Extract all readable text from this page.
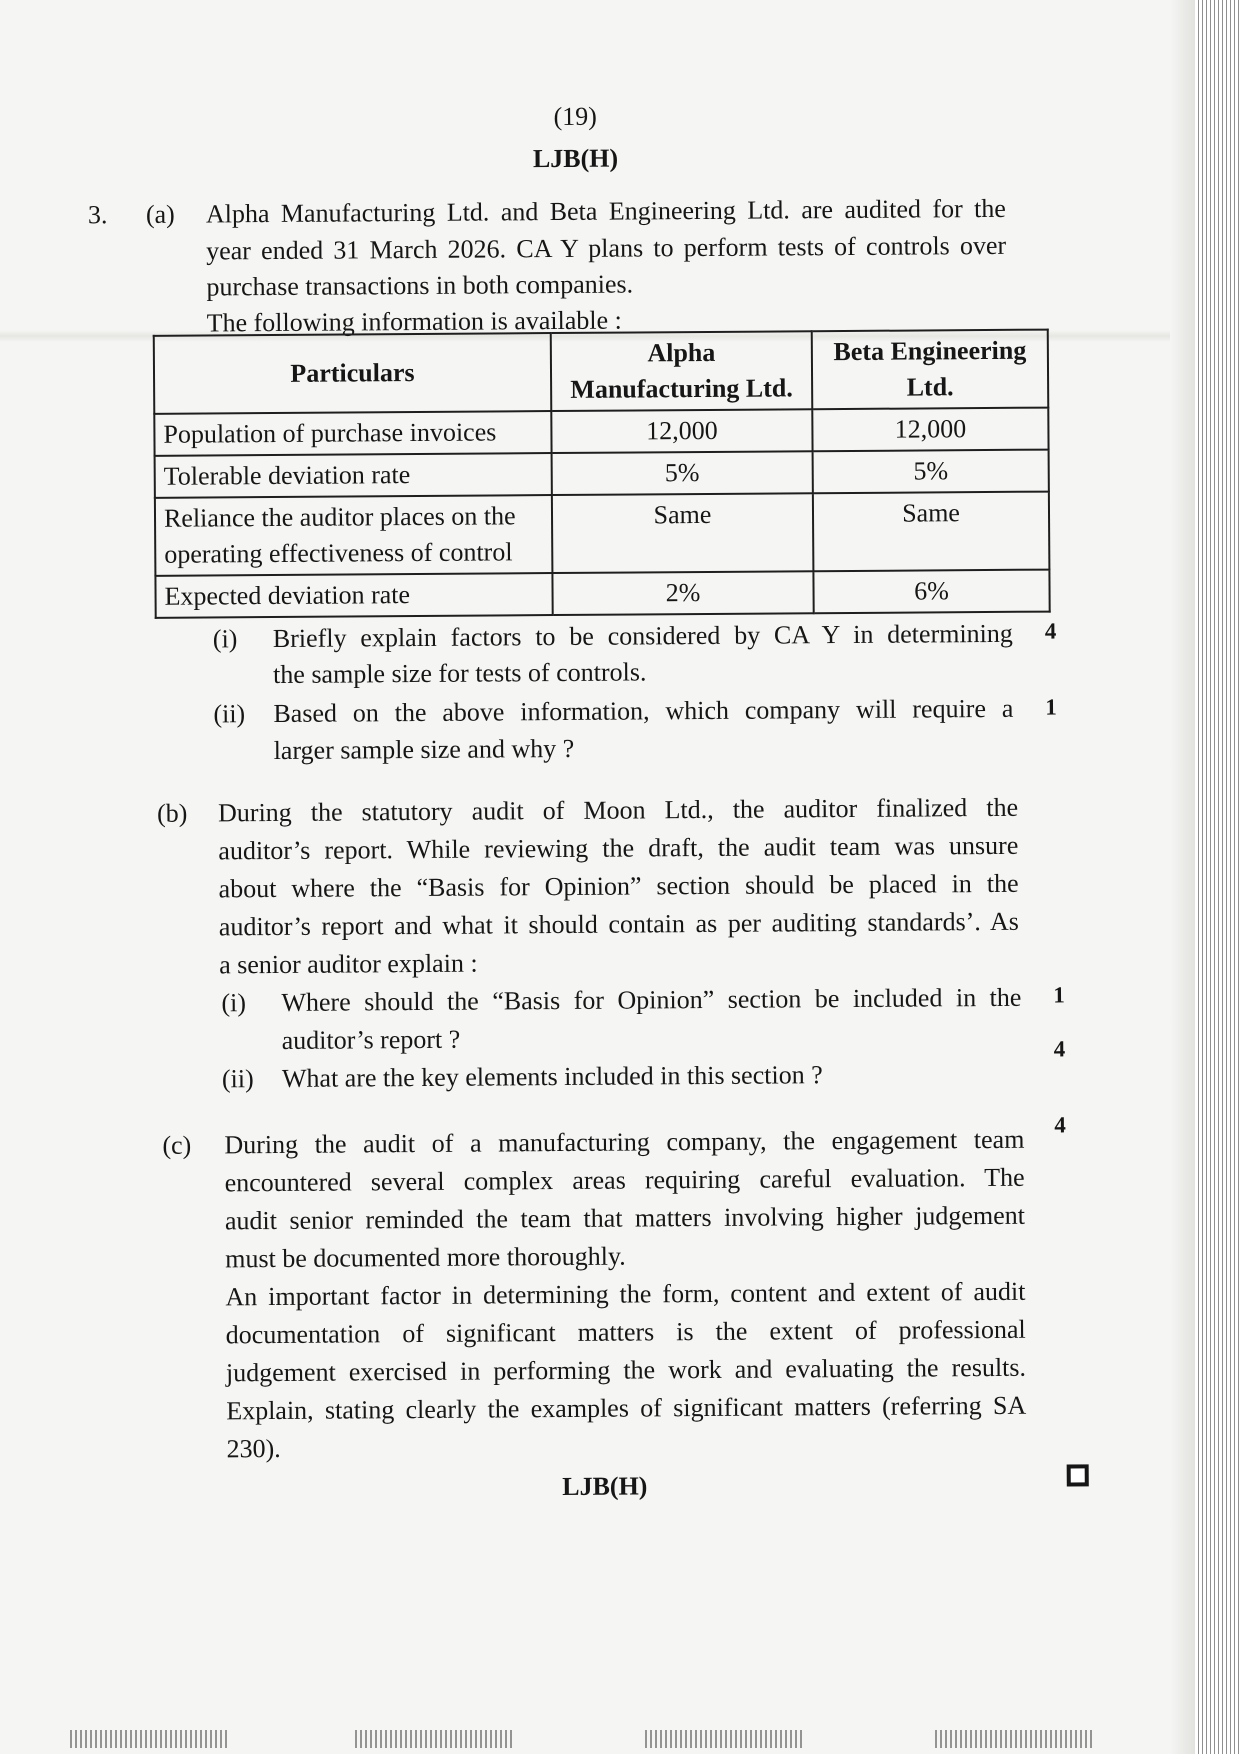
(19)
LJB(H)
3. (a) Alpha Manufacturing Ltd. and Beta Engineering Ltd. are audited for the
year ended 31 March 2026. CA Y plans to perform tests of controls over
purchase transactions in both companies.
The following information is available :
Particulars	Alpha Manufacturing Ltd.	Beta Engineering Ltd.
Population of purchase invoices	12,000	12,000
Tolerable deviation rate	5%	5%
Reliance the auditor places on the operating effectiveness of control	Same	Same
Expected deviation rate	2%	6%
(i) Briefly explain factors to be considered by CA Y in determining
the sample size for tests of controls.
4
(ii) Based on the above information, which company will require a
larger sample size and why ?
1
(b) During the statutory audit of Moon Ltd., the auditor finalized the
auditor’s report. While reviewing the draft, the audit team was unsure
about where the “Basis for Opinion” section should be placed in the
auditor’s report and what it should contain as per auditing standards’. As
a senior auditor explain :
(i) Where should the “Basis for Opinion” section be included in the
auditor’s report ?
1
(ii) What are the key elements included in this section ?
4
(c)
4
During the audit of a manufacturing company, the engagement team
encountered several complex areas requiring careful evaluation. The
audit senior reminded the team that matters involving higher judgement
must be documented more thoroughly.
An important factor in determining the form, content and extent of audit
documentation of significant matters is the extent of professional
judgement exercised in performing the work and evaluating the results.
Explain, stating clearly the examples of significant matters (referring SA
230).
LJB(H)
